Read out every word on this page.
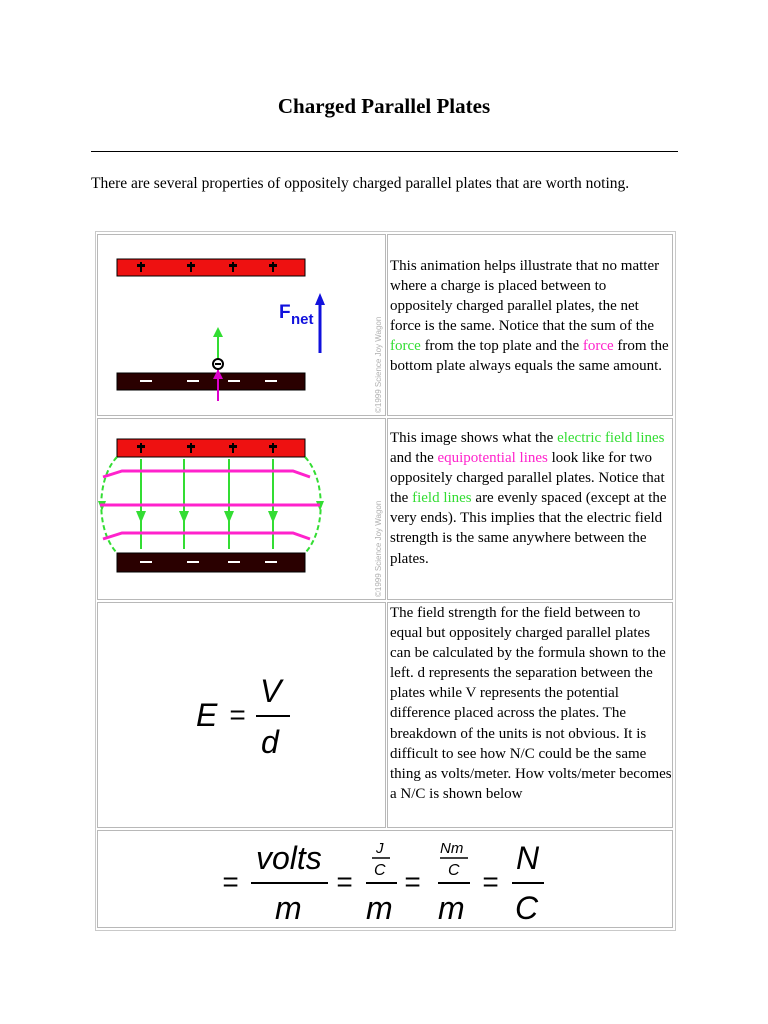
Charged Parallel Plates
There are several properties of oppositely charged parallel plates that are worth noting.
F net	©1999 Science Joy Wagon
This animation helps illustrate that no matter where a charge is placed between to oppositely charged parallel plates, the net force is the same. Notice that the sum of the force from the top plate and the force from the bottom plate always equals the same amount.
©1999 Science Joy Wagon
This image shows what the electric field lines and the equipotential lines look like for two oppositely charged parallel plates. Notice that the field lines are evenly spaced (except at the very ends). This implies that the electric field strength is the same anywhere between the plates.
E =
V
d
The field strength for the field between to equal but oppositely charged parallel plates can be calculated by the formula shown to the left. d represents the separation between the plates while V represents the potential difference placed across the plates. The breakdown of the units is not obvious. It is difficult to see how N/C could be the same thing as volts/meter. How volts/meter becomes a N/C is shown below
=
volts
m
=
J
C
m
=
Nm
C
m
=
N
C
